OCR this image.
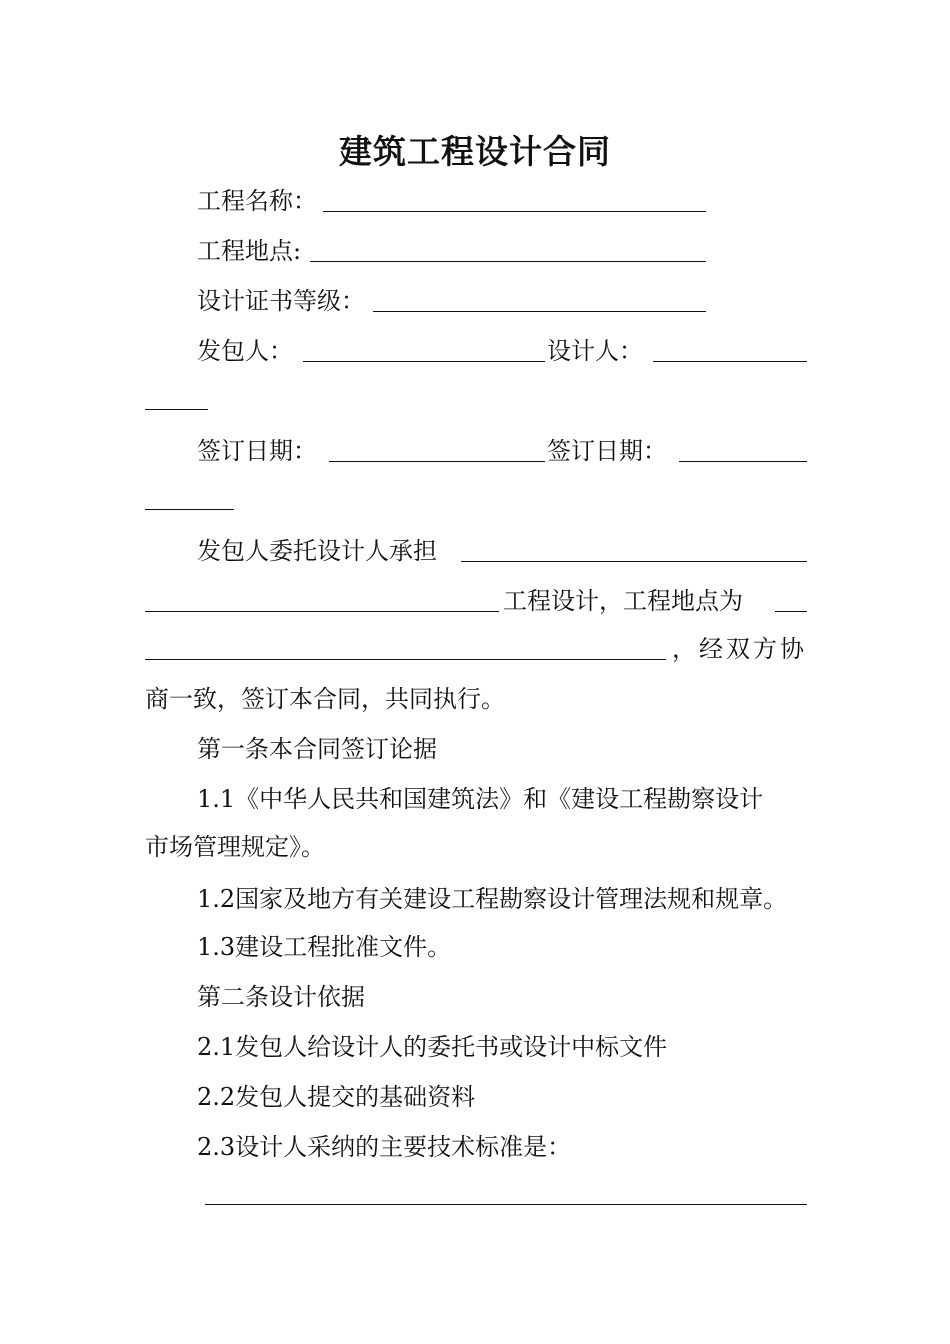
建筑工程设计合同
工程名称：
工程地点:
设计证书等级：
发包人：	设计人：
签订日期：	签订日期：
发包人委托设计人承担
工程设计，工程地点为
，经双方协
商一致，签订本合同，共同执行。
第一条本合同签订论据
1.1《中华人民共和国建筑法》和《建设工程勘察设计
市场管理规定》。
1.2国家及地方有关建设工程勘察设计管理法规和规章。
1.3建设工程批准文件。
第二条设计依据
2.1发包人给设计人的委托书或设计中标文件
2.2发包人提交的基础资料
2.3设计人采纳的主要技术标准是：
